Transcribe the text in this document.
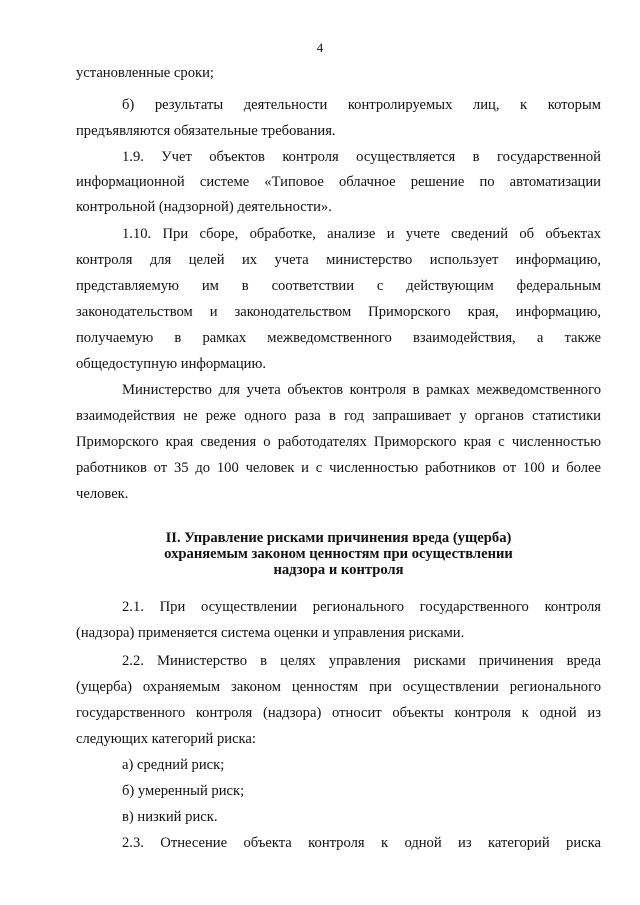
4
установленные сроки;
б) результаты деятельности контролируемых лиц, к которым
предъявляются обязательные требования.
1.9. Учет объектов контроля осуществляется в государственной
информационной системе «Типовое облачное решение по автоматизации
контрольной (надзорной) деятельности».
1.10. При сборе, обработке, анализе и учете сведений об объектах
контроля для целей их учета министерство использует информацию,
представляемую им в соответствии с действующим федеральным
законодательством и законодательством Приморского края, информацию,
получаемую в рамках межведомственного взаимодействия, а также
общедоступную информацию.
Министерство для учета объектов контроля в рамках межведомственного
взаимодействия не реже одного раза в год запрашивает у органов статистики
Приморского края сведения о работодателях Приморского края с численностью
работников от 35 до 100 человек и с численностью работников от 100 и более
человек.
II. Управление рисками причинения вреда (ущерба)
охраняемым законом ценностям при осуществлении
надзора и контроля
2.1. При осуществлении регионального государственного контроля
(надзора) применяется система оценки и управления рисками.
2.2. Министерство в целях управления рисками причинения вреда
(ущерба) охраняемым законом ценностям при осуществлении регионального
государственного контроля (надзора) относит объекты контроля к одной из
следующих категорий риска:
а) средний риск;
б) умеренный риск;
в) низкий риск.
2.3. Отнесение объекта контроля к одной из категорий риска
